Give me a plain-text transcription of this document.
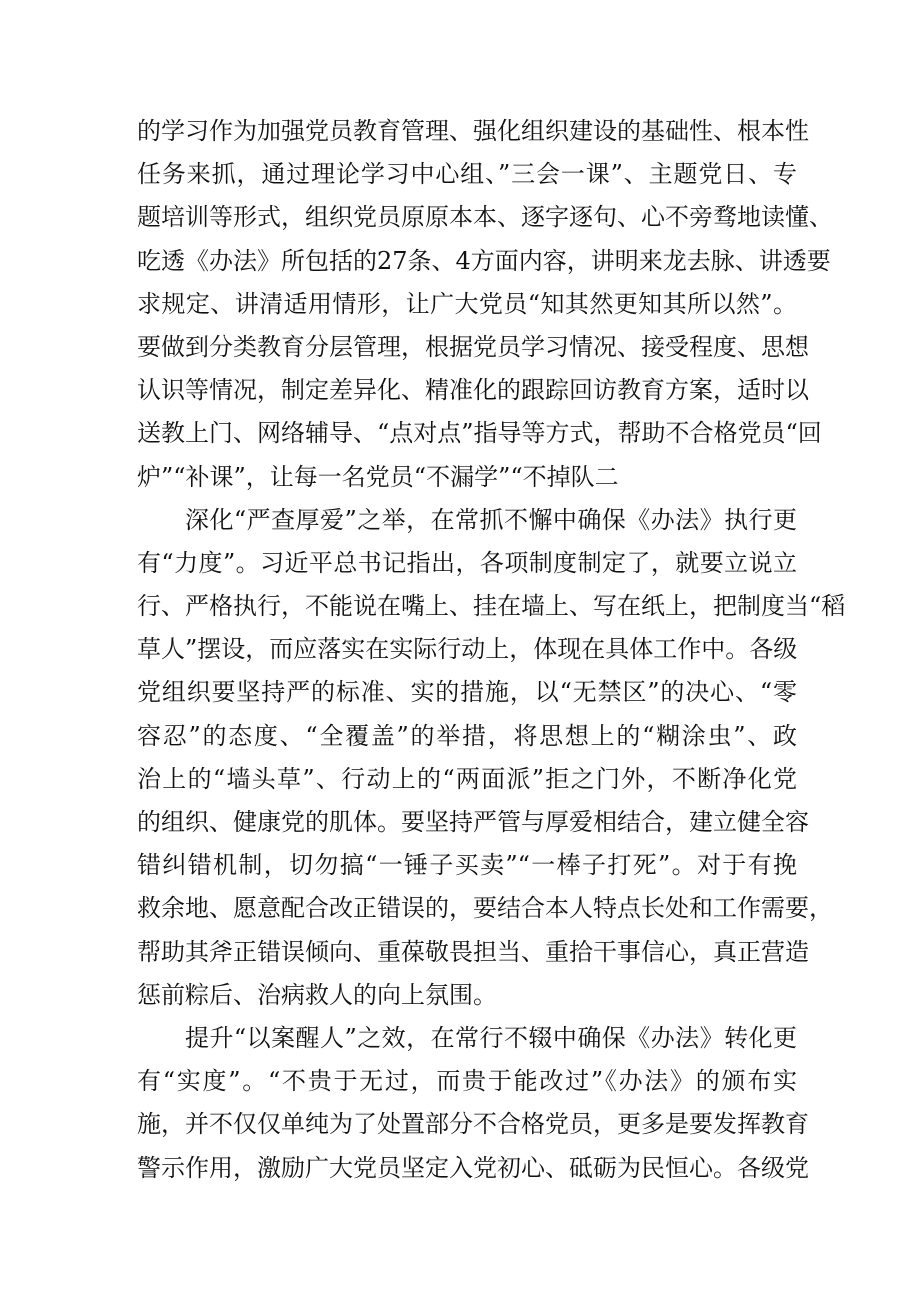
的学习作为加强党员教育管理、强化组织建设的基础性、根本性
任务来抓，通过理论学习中心组、”三会一课”、主题党日、专
题培训等形式，组织党员原原本本、逐字逐句、心不旁骛地读懂、
吃透《办法》所包括的27条、4方面内容，讲明来龙去脉、讲透要
求规定、讲清适用情形，让广大党员“知其然更知其所以然”。
要做到分类教育分层管理，根据党员学习情况、接受程度、思想
认识等情况，制定差异化、精准化的跟踪回访教育方案，适时以
送教上门、网络辅导、“点对点”指导等方式，帮助不合格党员“回
炉”“补课”，让每一名党员“不漏学”“不掉队二
深化“严查厚爱”之举，在常抓不懈中确保《办法》执行更
有“力度”。习近平总书记指出，各项制度制定了，就要立说立
行、严格执行，不能说在嘴上、挂在墙上、写在纸上，把制度当“稻
草人”摆设，而应落实在实际行动上，体现在具体工作中。各级
党组织要坚持严的标准、实的措施，以“无禁区”的决心、“零
容忍”的态度、“全覆盖”的举措，将思想上的“糊涂虫”、政
治上的“墙头草”、行动上的“两面派”拒之门外，不断净化党
的组织、健康党的肌体。要坚持严管与厚爱相结合，建立健全容
错纠错机制，切勿搞“一锤子买卖”“一棒子打死”。对于有挽
救余地、愿意配合改正错误的，要结合本人特点长处和工作需要，
帮助其斧正错误倾向、重葆敬畏担当、重拾干事信心，真正营造
惩前粽后、治病救人的向上氛围。
提升“以案醒人”之效，在常行不辍中确保《办法》转化更
有“实度”。“不贵于无过，而贵于能改过”《办法》的颁布实
施，并不仅仅单纯为了处置部分不合格党员，更多是要发挥教育
警示作用，激励广大党员坚定入党初心、砥砺为民恒心。各级党
